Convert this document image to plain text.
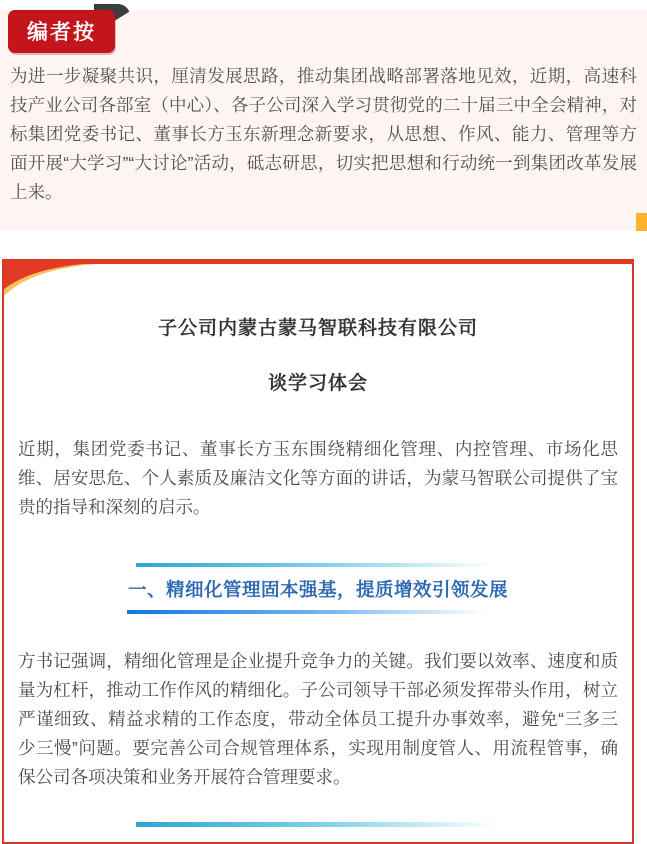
编者按

为进一步凝聚共识，厘清发展思路，推动集团战略部署落地见效，近期，高速科技产业公司各部室（中心）、各子公司深入学习贯彻党的二十届三中全会精神，对标集团党委书记、董事长方玉东新理念新要求，从思想、作风、能力、管理等方面开展“大学习”“大讨论”活动，砥志研思，切实把思想和行动统一到集团改革发展上来。

子公司内蒙古蒙马智联科技有限公司
谈学习体会

近期，集团党委书记、董事长方玉东围绕精细化管理、内控管理、市场化思维、居安思危、个人素质及廉洁文化等方面的讲话，为蒙马智联公司提供了宝贵的指导和深刻的启示。

一、精细化管理固本强基，提质增效引领发展

方书记强调，精细化管理是企业提升竞争力的关键。我们要以效率、速度和质量为杠杆，推动工作作风的精细化。子公司领导干部必须发挥带头作用，树立严谨细致、精益求精的工作态度，带动全体员工提升办事效率，避免“三多三少三慢”问题。要完善公司合规管理体系，实现用制度管人、用流程管事，确保公司各项决策和业务开展符合管理要求。
